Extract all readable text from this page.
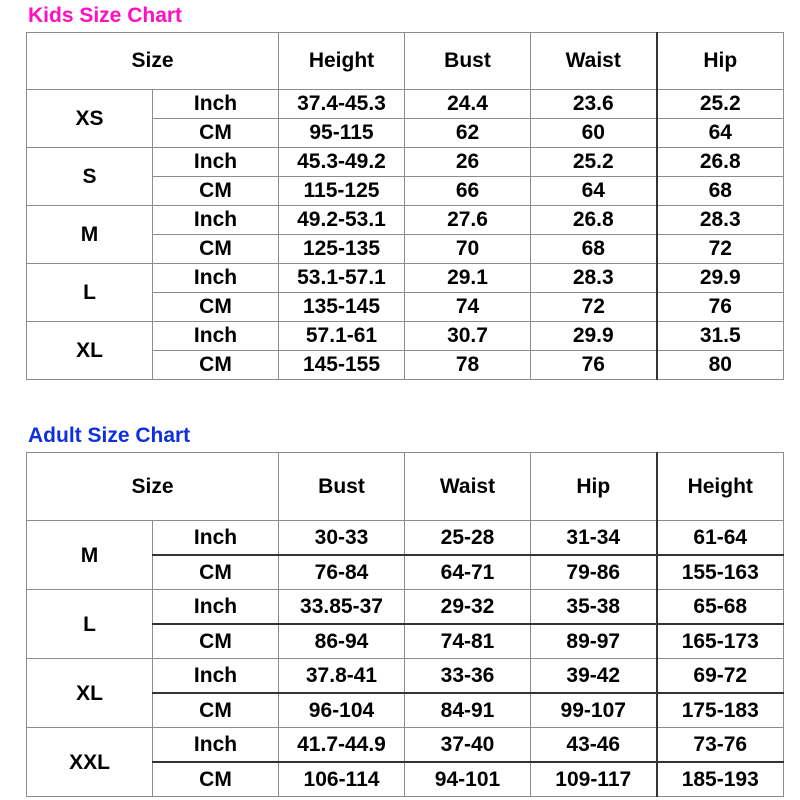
Kids Size Chart
Size		Height	Bust	Waist	Hip
XS	Inch	37.4-45.3	24.4	23.6	25.2
	CM	95-115	62	60	64
S	Inch	45.3-49.2	26	25.2	26.8
	CM	115-125	66	64	68
M	Inch	49.2-53.1	27.6	26.8	28.3
	CM	125-135	70	68	72
L	Inch	53.1-57.1	29.1	28.3	29.9
	CM	135-145	74	72	76
XL	Inch	57.1-61	30.7	29.9	31.5
	CM	145-155	78	76	80
Adult Size Chart
Size		Bust	Waist	Hip	Height
M	Inch	30-33	25-28	31-34	61-64
	CM	76-84	64-71	79-86	155-163
L	Inch	33.85-37	29-32	35-38	65-68
	CM	86-94	74-81	89-97	165-173
XL	Inch	37.8-41	33-36	39-42	69-72
	CM	96-104	84-91	99-107	175-183
XXL	Inch	41.7-44.9	37-40	43-46	73-76
	CM	106-114	94-101	109-117	185-193
